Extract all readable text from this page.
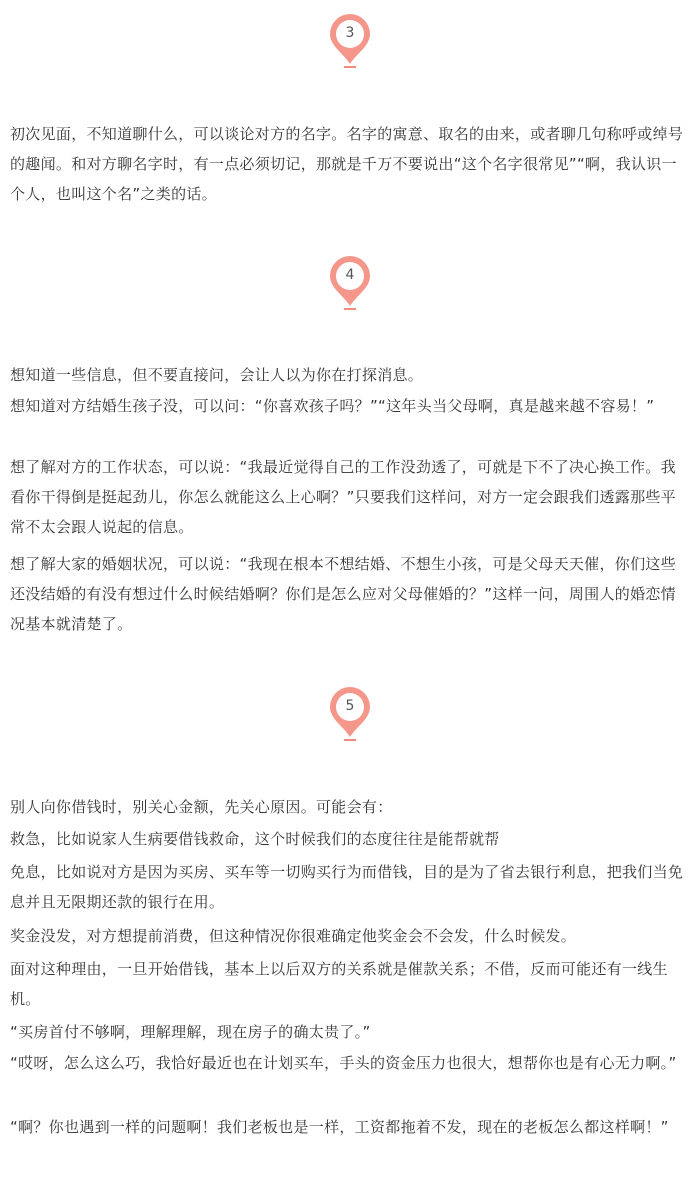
3

初次见面，不知道聊什么，可以谈论对方的名字。名字的寓意、取名的由来，或者聊几句称呼或绰号的趣闻。和对方聊名字时，有一点必须切记，那就是千万不要说出“这个名字很常见”“啊，我认识一个人，也叫这个名”之类的话。

4

想知道一些信息，但不要直接问，会让人以为你在打探消息。

想知道对方结婚生孩子没，可以问：“你喜欢孩子吗？”“这年头当父母啊，真是越来越不容易！”

想了解对方的工作状态，可以说：“我最近觉得自己的工作没劲透了，可就是下不了决心换工作。我看你干得倒是挺起劲儿，你怎么就能这么上心啊？”只要我们这样问，对方一定会跟我们透露那些平常不太会跟人说起的信息。

想了解大家的婚姻状况，可以说：“我现在根本不想结婚、不想生小孩，可是父母天天催，你们这些还没结婚的有没有想过什么时候结婚啊？你们是怎么应对父母催婚的？”这样一问，周围人的婚恋情况基本就清楚了。

5

别人向你借钱时，别关心金额，先关心原因。可能会有：

救急，比如说家人生病要借钱救命，这个时候我们的态度往往是能帮就帮

免息，比如说对方是因为买房、买车等一切购买行为而借钱，目的是为了省去银行利息，把我们当免息并且无限期还款的银行在用。

奖金没发，对方想提前消费，但这种情况你很难确定他奖金会不会发，什么时候发。

面对这种理由，一旦开始借钱，基本上以后双方的关系就是催款关系；不借，反而可能还有一线生机。

“买房首付不够啊，理解理解，现在房子的确太贵了。”

“哎呀，怎么这么巧，我恰好最近也在计划买车，手头的资金压力也很大，想帮你也是有心无力啊。”

“啊？你也遇到一样的问题啊！我们老板也是一样，工资都拖着不发，现在的老板怎么都这样啊！”
